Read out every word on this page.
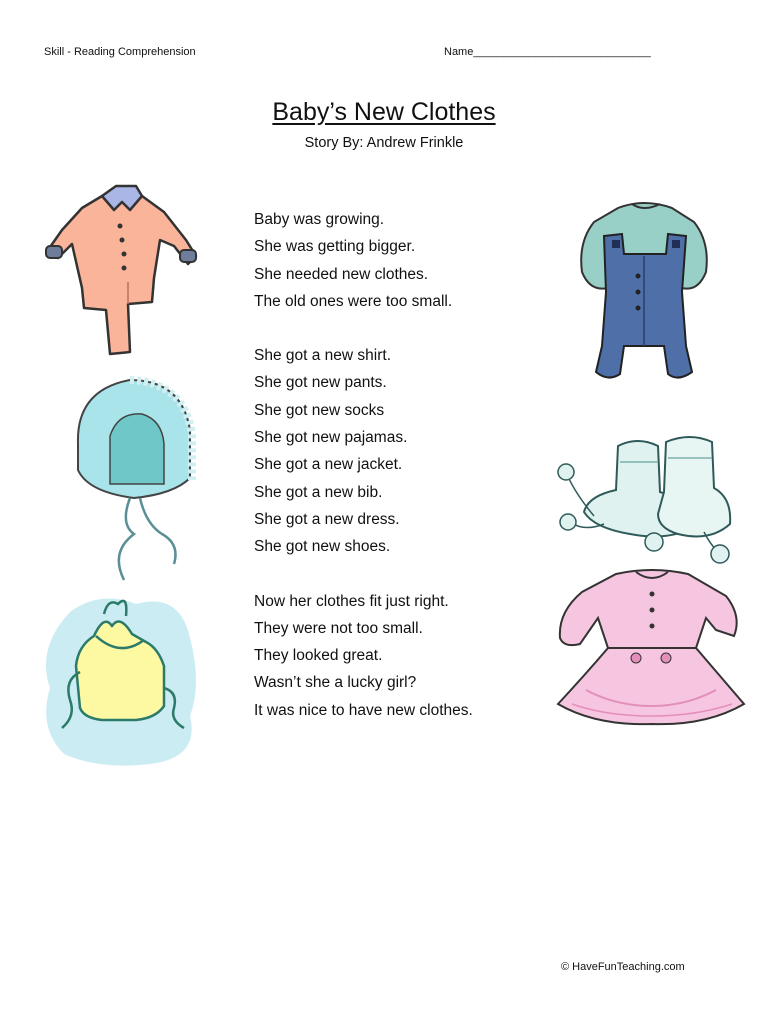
Skill - Reading Comprehension	Name_____________________________
Baby’s New Clothes
Story By: Andrew Frinkle
Baby was growing.
She was getting bigger.
She needed new clothes.
The old ones were too small.
She got a new shirt.
She got new pants.
She got new socks
She got new pajamas.
She got a new jacket.
She got a new bib.
She got a new dress.
She got new shoes.
Now her clothes fit just right.
They were not too small.
They looked great.
Wasn’t she a lucky girl?
It was nice to have new clothes.
© HaveFunTeaching.com
